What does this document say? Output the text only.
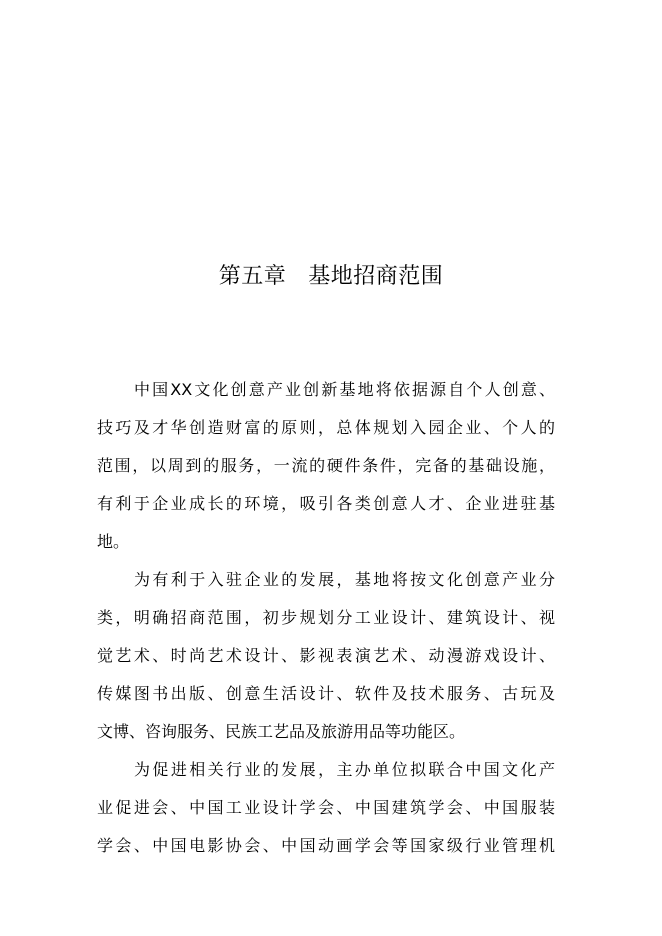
第五章 基地招商范围
中国XX文化创意产业创新基地将依据源自个人创意、
技巧及才华创造财富的原则，总体规划入园企业、个人的
范围，以周到的服务，一流的硬件条件，完备的基础设施，
有利于企业成长的环境，吸引各类创意人才、企业进驻基
地。
为有利于入驻企业的发展，基地将按文化创意产业分
类，明确招商范围，初步规划分工业设计、建筑设计、视
觉艺术、时尚艺术设计、影视表演艺术、动漫游戏设计、
传媒图书出版、创意生活设计、软件及技术服务、古玩及
文博、咨询服务、民族工艺品及旅游用品等功能区。
为促进相关行业的发展，主办单位拟联合中国文化产
业促进会、中国工业设计学会、中国建筑学会、中国服装
学会、中国电影协会、中国动画学会等国家级行业管理机
